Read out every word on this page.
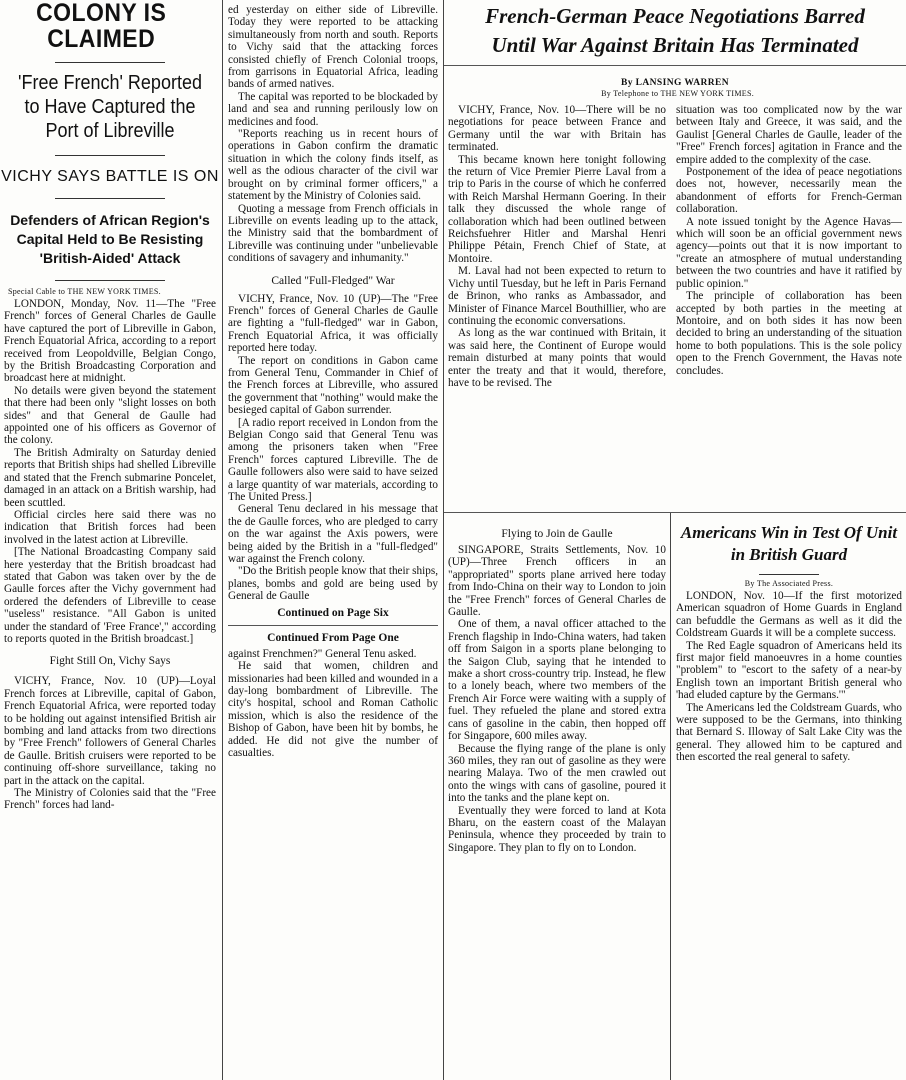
COLONY IS CLAIMED
'Free French' Reported to Have Captured the Port of Libreville
VICHY SAYS BATTLE IS ON
Defenders of African Region's Capital Held to Be Resisting 'British-Aided' Attack
Special Cable to THE NEW YORK TIMES.

LONDON, Monday, Nov. 11—The "Free French" forces of General Charles de Gaulle have captured the port of Libreville in Gabon, French Equatorial Africa, according to a report received from Leopoldville, Belgian Congo, by the British Broadcasting Corporation and broadcast here at midnight.

No details were given beyond the statement that there had been only "slight losses on both sides" and that General de Gaulle had appointed one of his officers as Governor of the colony.

The British Admiralty on Saturday denied reports that British ships had shelled Libreville and stated that the French submarine Poncelet, damaged in an attack on a British warship, had been scuttled.

Official circles here said there was no indication that British forces had been involved in the latest action at Libreville.

[The National Broadcasting Company said here yesterday that the British broadcast had stated that Gabon was taken over by the de Gaulle forces after the Vichy government had ordered the defenders of Libreville to cease "useless" resistance. "All Gabon is united under the standard of 'Free France'," according to reports quoted in the British broadcast.]

Fight Still On, Vichy Says

VICHY, France, Nov. 10 (UP)—Loyal French forces at Libreville, capital of Gabon, French Equatorial Africa, were reported today to be holding out against intensified British air bombing and land attacks from two directions by "Free French" followers of General Charles de Gaulle. British cruisers were reported to be continuing off-shore surveillance, taking no part in the attack on the capital.

The Ministry of Colonies said that the "Free French" forces had land-

ed yesterday on either side of Libreville. Today they were reported to be attacking simultaneously from north and south. Reports to Vichy said that the attacking forces consisted chiefly of French Colonial troops, from garrisons in Equatorial Africa, leading bands of armed natives.

The capital was reported to be blockaded by land and sea and running perilously low on medicines and food.

"Reports reaching us in recent hours of operations in Gabon confirm the dramatic situation in which the colony finds itself, as well as the odious character of the civil war brought on by criminal former officers," a statement by the Ministry of Colonies said.

Quoting a message from French officials in Libreville on events leading up to the attack, the Ministry said that the bombardment of Libreville was continuing under "unbelievable conditions of savagery and inhumanity."

Called "Full-Fledged" War

VICHY, France, Nov. 10 (UP)—The "Free French" forces of General Charles de Gaulle are fighting a "full-fledged" war in Gabon, French Equatorial Africa, it was officially reported here today.

The report on conditions in Gabon came from General Tenu, Commander in Chief of the French forces at Libreville, who assured the government that "nothing" would make the besieged capital of Gabon surrender.

[A radio report received in London from the Belgian Congo said that General Tenu was among the prisoners taken when "Free French" forces captured Libreville. The de Gaulle followers also were said to have seized a large quantity of war materials, according to The United Press.]

General Tenu declared in his message that the de Gaulle forces, who are pledged to carry on the war against the Axis powers, were being aided by the British in a "full-fledged" war against the French colony.

"Do the British people know that their ships, planes, bombs and gold are being used by General de Gaulle

Continued on Page Six
Continued From Page One

against Frenchmen?" General Tenu asked.

He said that women, children and missionaries had been killed and wounded in a day-long bombardment of Libreville. The city's hospital, school and Roman Catholic mission, which is also the residence of the Bishop of Gabon, have been hit by bombs, he added. He did not give the number of casualties.

French-German Peace Negotiations Barred
Until War Against Britain Has Terminated
By LANSING WARREN
By Telephone to THE NEW YORK TIMES.

VICHY, France, Nov. 10—There will be no negotiations for peace between France and Germany until the war with Britain has terminated.

This became known here tonight following the return of Vice Premier Pierre Laval from a trip to Paris in the course of which he conferred with Reich Marshal Hermann Goering. In their talk they discussed the whole range of collaboration which had been outlined between Reichsfuehrer Hitler and Marshal Henri Philippe Pétain, French Chief of State, at Montoire.

M. Laval had not been expected to return to Vichy until Tuesday, but he left in Paris Fernand de Brinon, who ranks as Ambassador, and Minister of Finance Marcel Bouthillier, who are continuing the economic conversations.

As long as the war continued with Britain, it was said here, the Continent of Europe would remain disturbed at many points that would enter the treaty and that it would, therefore, have to be revised. The

situation was too complicated now by the war between Italy and Greece, it was said, and the Gaulist [General Charles de Gaulle, leader of the "Free" French forces] agitation in France and the empire added to the complexity of the case.

Postponement of the idea of peace negotiations does not, however, necessarily mean the abandonment of efforts for French-German collaboration.

A note issued tonight by the Agence Havas—which will soon be an official government news agency—points out that it is now important to "create an atmosphere of mutual understanding between the two countries and have it ratified by public opinion."

The principle of collaboration has been accepted by both parties in the meeting at Montoire, and on both sides it has now been decided to bring an understanding of the situation home to both populations. This is the sole policy open to the French Government, the Havas note concludes.

Flying to Join de Gaulle

SINGAPORE, Straits Settlements, Nov. 10 (UP)—Three French officers in an "appropriated" sports plane arrived here today from Indo-China on their way to London to join the "Free French" forces of General Charles de Gaulle.

One of them, a naval officer attached to the French flagship in Indo-China waters, had taken off from Saigon in a sports plane belonging to the Saigon Club, saying that he intended to make a short cross-country trip. Instead, he flew to a lonely beach, where two members of the French Air Force were waiting with a supply of fuel. They refueled the plane and stored extra cans of gasoline in the cabin, then hopped off for Singapore, 600 miles away.

Because the flying range of the plane is only 360 miles, they ran out of gasoline as they were nearing Malaya. Two of the men crawled out onto the wings with cans of gasoline, poured it into the tanks and the plane kept on.

Eventually they were forced to land at Kota Bharu, on the eastern coast of the Malayan Peninsula, whence they proceeded by train to Singapore. They plan to fly on to London.

Americans Win in Test Of Unit in British Guard
By The Associated Press.

LONDON, Nov. 10—If the first motorized American squadron of Home Guards in England can befuddle the Germans as well as it did the Coldstream Guards it will be a complete success.

The Red Eagle squadron of Americans held its first major field manoeuvres in a home counties "problem" to "escort to the safety of a near-by English town an important British general who 'had eluded capture by the Germans.'"

The Americans led the Coldstream Guards, who were supposed to be the Germans, into thinking that Bernard S. Illoway of Salt Lake City was the general. They allowed him to be captured and then escorted the real general to safety.
